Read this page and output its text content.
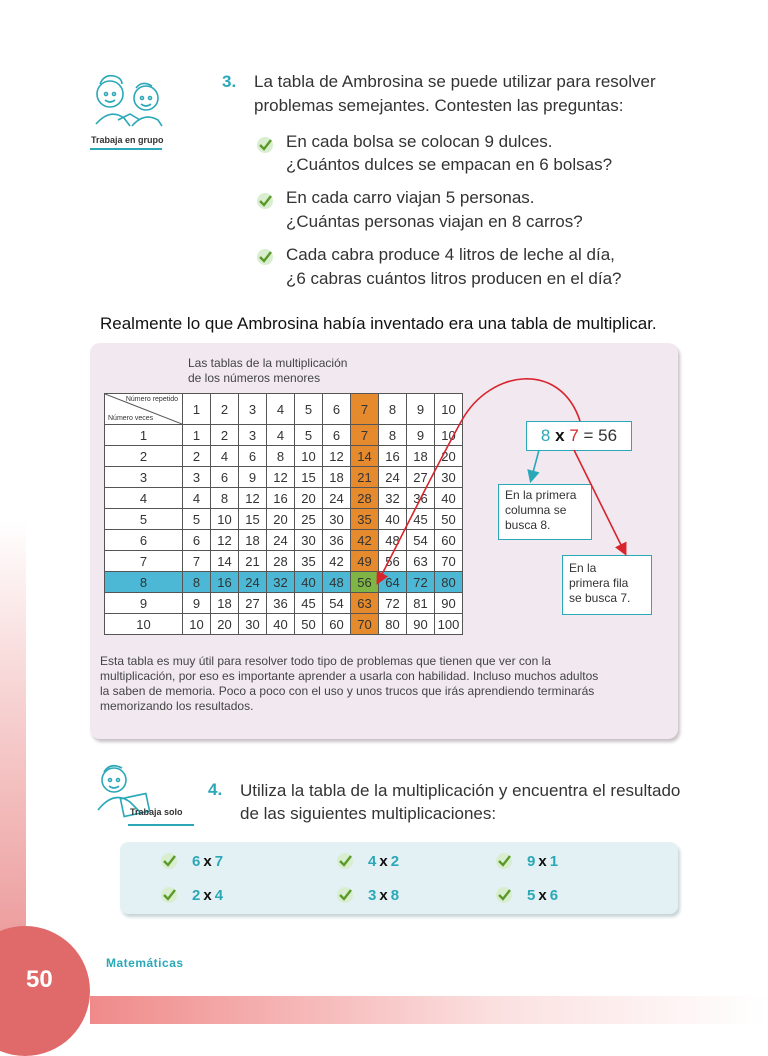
50
Matemáticas
Trabaja en grupo
3. La tabla de Ambrosina se puede utilizar para resolver
problemas semejantes. Contesten las preguntas:
En cada bolsa se colocan 9 dulces.
¿Cuántos dulces se empacan en 6 bolsas?
En cada carro viajan 5 personas.
¿Cuántas personas viajan en 8 carros?
Cada cabra produce 4 litros de leche al día,
¿6 cabras cuántos litros producen en el día?
Realmente lo que Ambrosina había inventado era una tabla de multiplicar.
Las tablas de la multiplicación
de los números menores
Número repetido
Número veces	1	2	3	4	5	6	7	8	9	10
1	1	2	3	4	5	6	7	8	9	10
2	2	4	6	8	10	12	14	16	18	20
3	3	6	9	12	15	18	21	24	27	30
4	4	8	12	16	20	24	28	32	36	40
5	5	10	15	20	25	30	35	40	45	50
6	6	12	18	24	30	36	42	48	54	60
7	7	14	21	28	35	42	49	56	63	70
8	8	16	24	32	40	48	56	64	72	80
9	9	18	27	36	45	54	63	72	81	90
10	10	20	30	40	50	60	70	80	90	100
Esta tabla es muy útil para resolver todo tipo de problemas que tienen que ver con la multiplicación, por eso es importante aprender a usarla con habilidad. Incluso muchos adultos la saben de memoria. Poco a poco con el uso y unos trucos que irás aprendiendo terminarás memorizando los resultados.
8 x 7 = 56
En la primera
columna se
busca 8.
En la
primera fila
se busca 7.
Trabaja solo
4. Utiliza la tabla de la multiplicación y encuentra el resultado
de las siguientes multiplicaciones:
6 x 7	4 x 2	9 x 1
2 x 4	3 x 8	5 x 6
